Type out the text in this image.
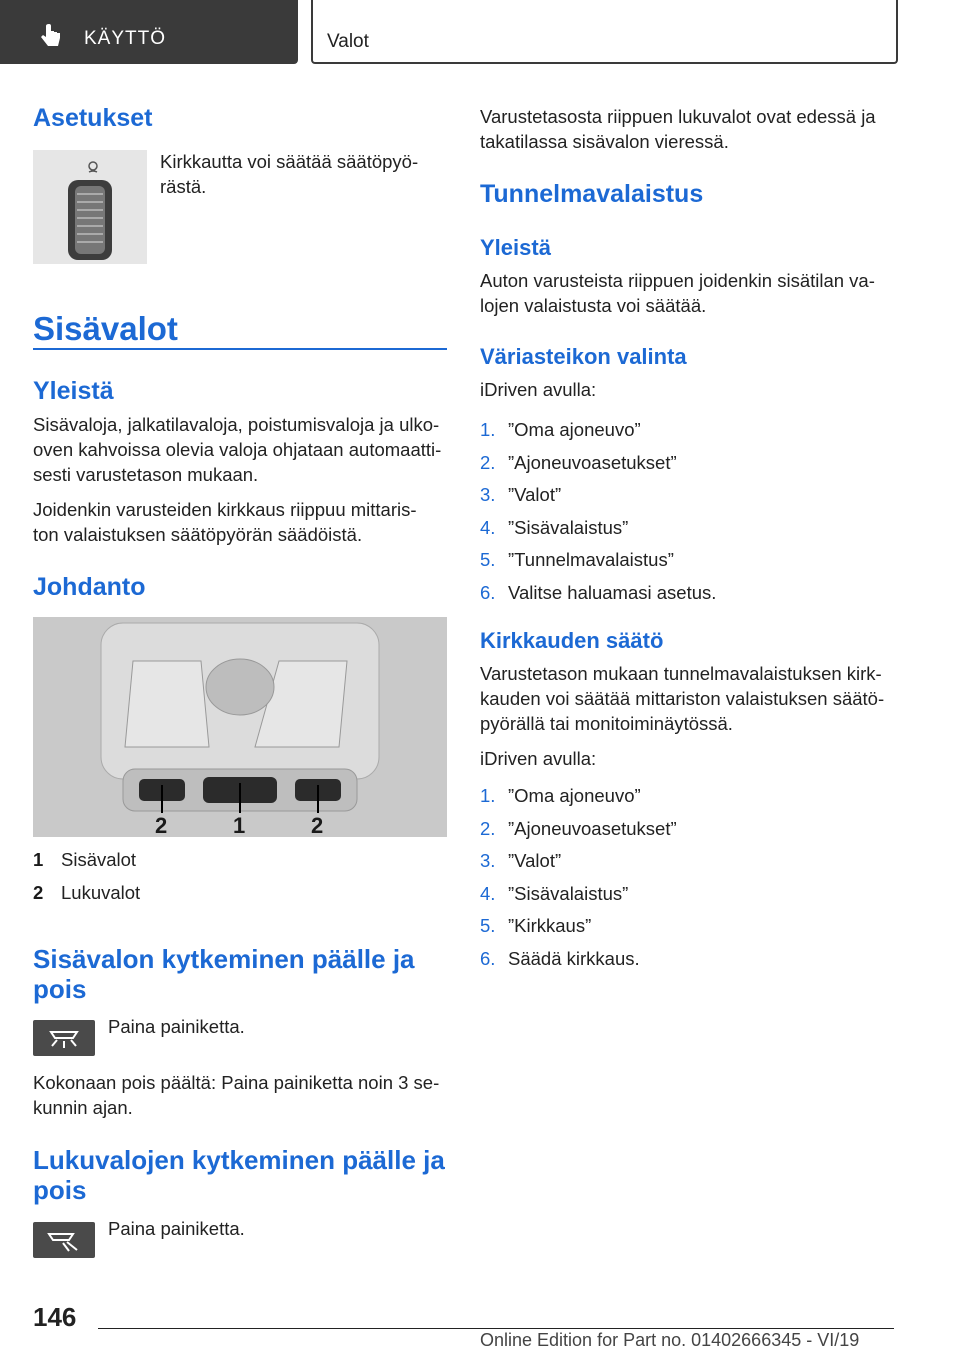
KÄYTTÖ	Valot
Asetukset

Kirkkautta voi säätää säätöpyö-
rästä.

Sisävalot
Yleistä

Sisävaloja, jalkatilavaloja, poistumisvaloja ja ulko-
oven kahvoissa olevia valoja ohjataan automaatti-
sesti varustetason mukaan.

Joidenkin varusteiden kirkkaus riippuu mittaris-
ton valaistuksen säätöpyörän säädöistä.

Johdanto
2	1	2
1 Sisävalot
2 Lukuvalot
Sisävalon kytkeminen päälle ja
pois

Paina painiketta.

Kokonaan pois päältä: Paina painiketta noin 3 se-
kunnin ajan.

Lukuvalojen kytkeminen päälle ja
pois

Paina painiketta.

Varustetasosta riippuen lukuvalot ovat edessä ja
takatilassa sisävalon vieressä.

Tunnelmavalaistus
Yleistä

Auton varusteista riippuen joidenkin sisätilan va-
lojen valaistusta voi säätää.

Väriasteikon valinta

iDriven avulla:

1. ”Oma ajoneuvo”
2. ”Ajoneuvoasetukset”
3. ”Valot”
4. ”Sisävalaistus”
5. ”Tunnelmavalaistus”
6. Valitse haluamasi asetus.
Kirkkauden säätö

Varustetason mukaan tunnelmavalaistuksen kirk-
kauden voi säätää mittariston valaistuksen säätö-
pyörällä tai monitoiminäytössä.

iDriven avulla:

1. ”Oma ajoneuvo”
2. ”Ajoneuvoasetukset”
3. ”Valot”
4. ”Sisävalaistus”
5. ”Kirkkaus”
6. Säädä kirkkaus.
146
Online Edition for Part no. 01402666345 - VI/19
